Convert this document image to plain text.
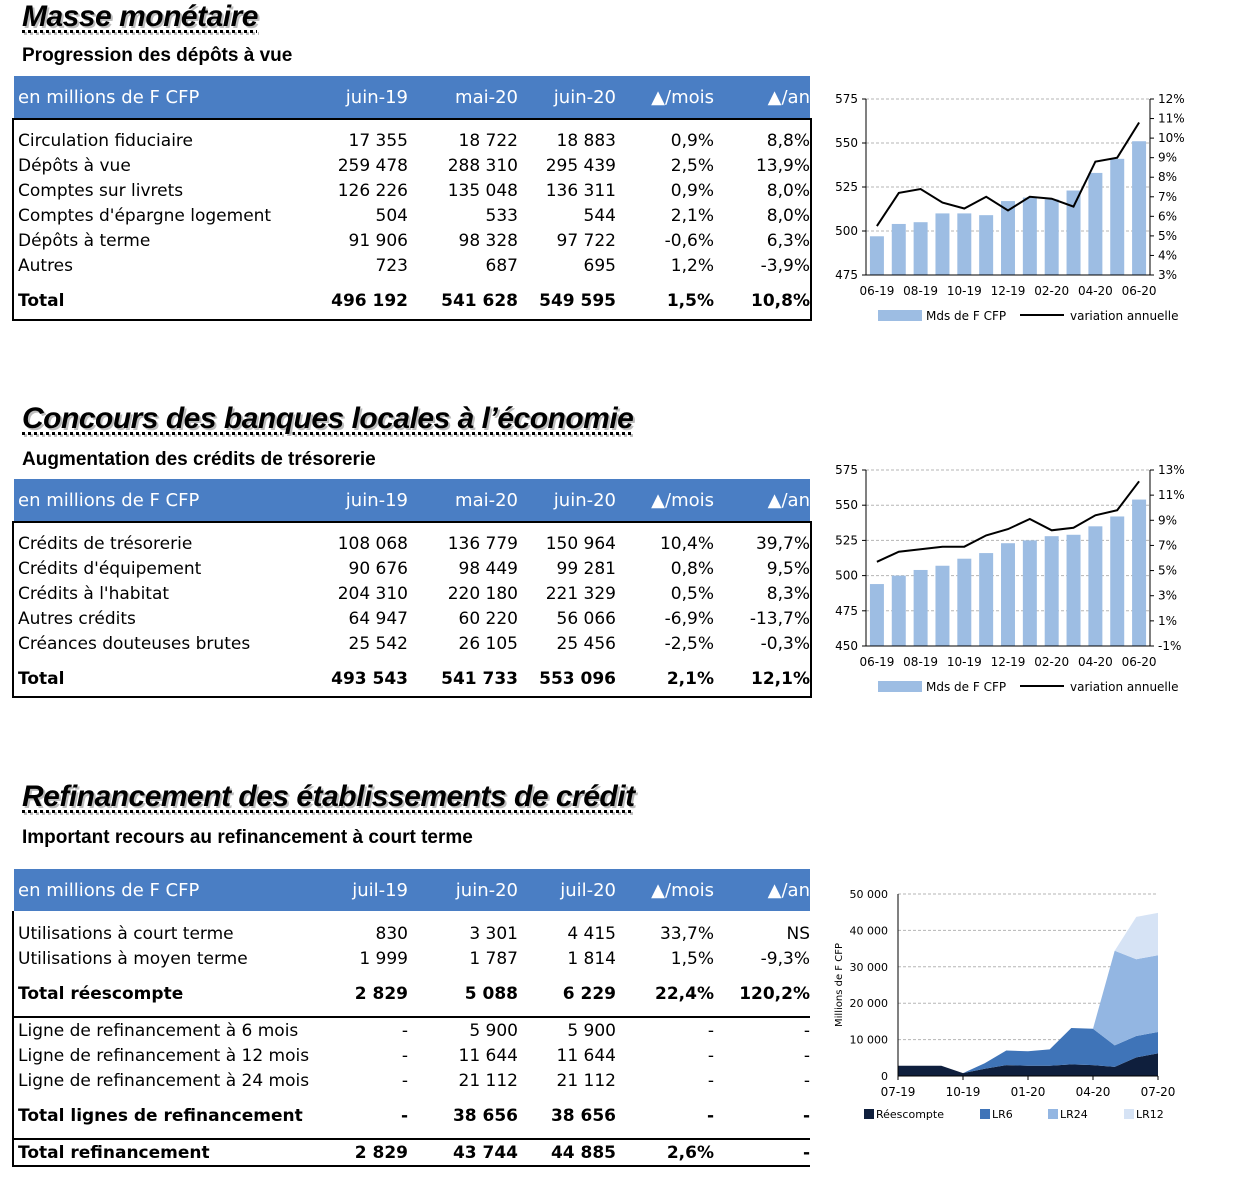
Masse monétaire
Progression des dépôts à vue
en millions de F CFP	juin-19	mai-20	juin-20	▲/mois	▲/an

Circulation fiduciaire	17 355	18 722	18 883	0,9%	8,8%
Dépôts à vue	259 478	288 310	295 439	2,5%	13,9%
Comptes sur livrets	126 226	135 048	136 311	0,9%	8,0%
Comptes d'épargne logement	504	533	544	2,1%	8,0%
Dépôts à terme	91 906	98 328	97 722	-0,6%	6,3%
Autres	723	687	695	1,2%	-3,9%

Total	496 192	541 628	549 595	1,5%	10,8%
475
500
525
550
575
3%
4%
5%
6%
7%
8%
9%
10%
11%
12%
06-19 08-19 10-19 12-19 02-20 04-20 06-20
Mds de F CFP	variation annuelle
Concours des banques locales à l’économie
Augmentation des crédits de trésorerie
en millions de F CFP	juin-19	mai-20	juin-20	▲/mois	▲/an

Crédits de trésorerie	108 068	136 779	150 964	10,4%	39,7%
Crédits d'équipement	90 676	98 449	99 281	0,8%	9,5%
Crédits à l'habitat	204 310	220 180	221 329	0,5%	8,3%
Autres crédits	64 947	60 220	56 066	-6,9%	-13,7%
Créances douteuses brutes	25 542	26 105	25 456	-2,5%	-0,3%

Total	493 543	541 733	553 096	2,1%	12,1%
450
475
500
525
550
575
-1%
1%
3%
5%
7%
9%
11%
13%
06-19 08-19 10-19 12-19 02-20 04-20 06-20
Mds de F CFP	variation annuelle
Refinancement des établissements de crédit
Important recours au refinancement à court terme
en millions de F CFP	juil-19	juin-20	juil-20	▲/mois	▲/an

Utilisations à court terme	830	3 301	4 415	33,7%	NS
Utilisations à moyen terme	1 999	1 787	1 814	1,5%	-9,3%

Total réescompte	2 829	5 088	6 229	22,4%	120,2%

Ligne de refinancement à 6 mois	-	5 900	5 900	-	-
Ligne de refinancement à 12 mois	-	11 644	11 644	-	-
Ligne de refinancement à 24 mois	-	21 112	21 112	-	-

Total lignes de refinancement	-	38 656	38 656	-	-

Total refinancement	2 829	43 744	44 885	2,6%	-
0
10 000
20 000
30 000
40 000
50 000
07-19	10-19	01-20	04-20	07-20
Millions de F CFP
Réescompte	LR6	LR24	LR12
